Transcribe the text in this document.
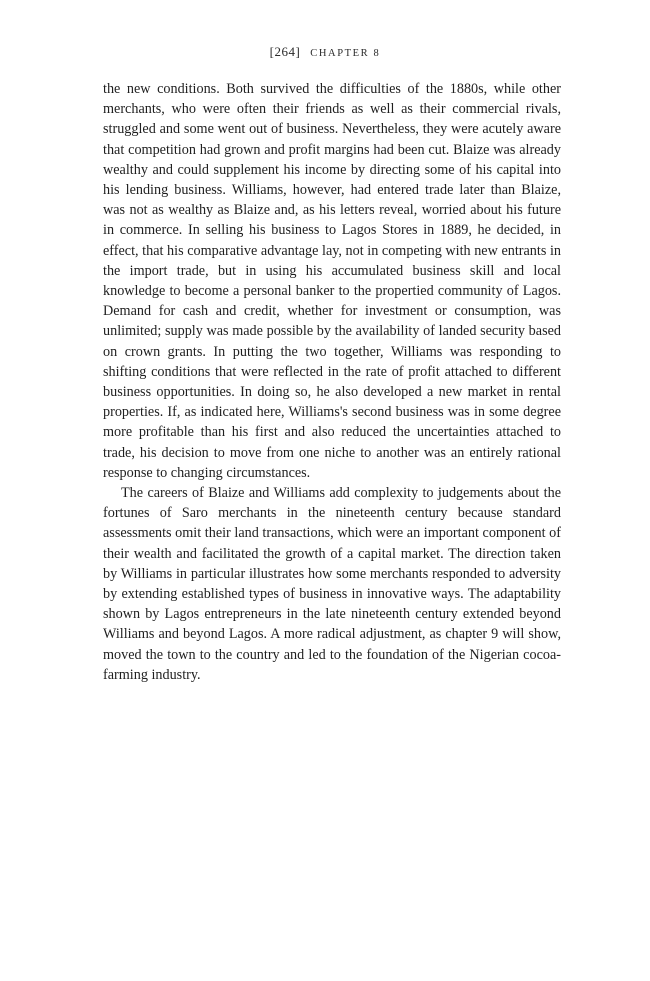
[264] CHAPTER 8

the new conditions. Both survived the difficulties of the 1880s, while other merchants, who were often their friends as well as their commercial rivals, struggled and some went out of business. Nevertheless, they were acutely aware that competition had grown and profit margins had been cut. Blaize was already wealthy and could supplement his income by directing some of his capital into his lending business. Williams, however, had entered trade later than Blaize, was not as wealthy as Blaize and, as his letters reveal, worried about his future in commerce. In selling his business to Lagos Stores in 1889, he decided, in effect, that his comparative advantage lay, not in competing with new entrants in the import trade, but in using his accumulated business skill and local knowledge to become a personal banker to the propertied community of Lagos. Demand for cash and credit, whether for investment or consumption, was unlimited; supply was made possible by the availability of landed security based on crown grants. In putting the two together, Williams was responding to shifting conditions that were reflected in the rate of profit attached to different business opportunities. In doing so, he also developed a new market in rental properties. If, as indicated here, Williams's second business was in some degree more profitable than his first and also reduced the uncertainties attached to trade, his decision to move from one niche to another was an entirely rational response to changing circumstances.

The careers of Blaize and Williams add complexity to judgements about the fortunes of Saro merchants in the nineteenth century because standard assessments omit their land transactions, which were an important component of their wealth and facilitated the growth of a capital market. The direction taken by Williams in particular illustrates how some merchants responded to adversity by extending established types of business in innovative ways. The adaptability shown by Lagos entrepreneurs in the late nineteenth century extended beyond Williams and beyond Lagos. A more radical adjustment, as chapter 9 will show, moved the town to the country and led to the foundation of the Nigerian cocoa-farming industry.
